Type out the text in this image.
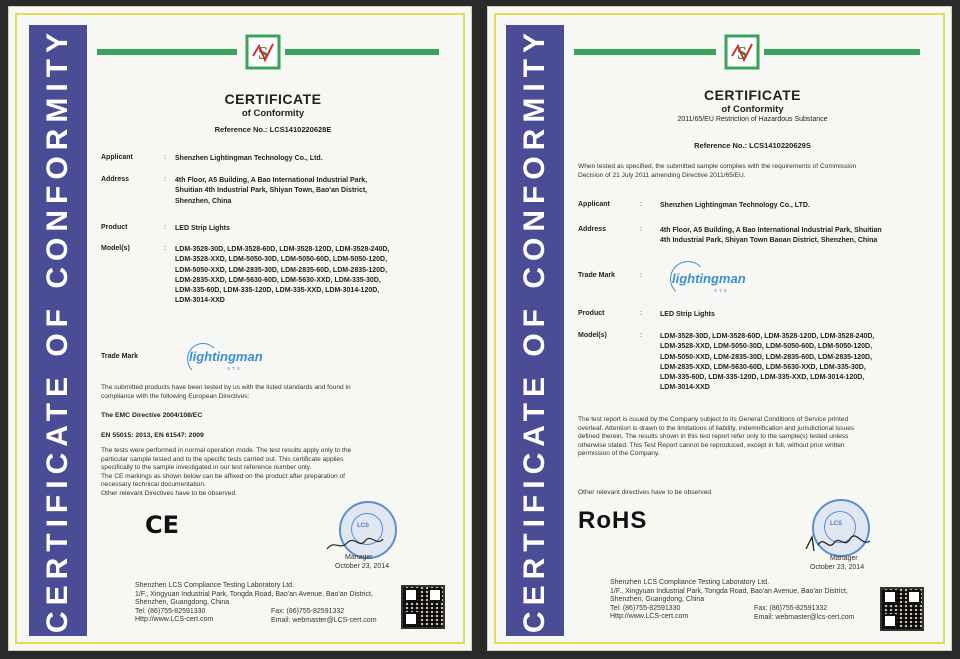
CERTIFICATE OF CONFORMITY	S
CERTIFICATE
of Conformity
Reference No.: LCS1410220628E
Applicant	: Shenzhen Lightingman Technology Co., Ltd.
Address	: 4th Floor, A5 Building, A Bao International Industrial Park,
Shuitian 4th Industrial Park, Shiyan Town, Bao'an District,
Shenzhen, China
Product	: LED Strip Lights
Model(s)	: LDM-3528-30D, LDM-3528-60D, LDM-3528-120D, LDM-3528-240D,
LDM-3528-XXD, LDM-5050-30D, LDM-5050-60D, LDM-5050-120D,
LDM-5050-XXD, LDM-2835-30D, LDM-2835-60D, LDM-2835-120D,
LDM-2835-XXD, LDM-5630-60D, LDM-5630-XXD, LDM-335-30D,
LDM-335-60D, LDM-335-120D, LDM-335-XXD, LDM-3014-120D,
LDM-3014-XXD
Trade Mark	lightingman
STS
The submitted products have been tested by us with the listed standards and found in
compliance with the following European Directives:
The EMC Directive 2004/108/EC
EN 55015: 2013, EN 61547: 2009
The tests were performed in normal operation mode. The test results apply only to the
particular sample tested and to the specific tests carried out. This certificate applies
specifically to the sample investigated in our test reference number only.
The CE markings as shown below can be affixed on the product after preparation of
necessary technical documentation.
Other relevant Directives have to be observed.
CE	LCS
Manager
October 23, 2014
Shenzhen LCS Compliance Testing Laboratory Ltd.
1/F., Xingyuan Industrial Park, Tongda Road, Bao'an Avenue, Bao'an District,
Shenzhen, Guangdong, China
Tel: (86)755-82591330
Http://www.LCS-cert.com
Fax: (86)755-82591332
Email: webmaster@LCS-cert.com	CERTIFICATE OF CONFORMITY	S
CERTIFICATE
of Conformity
2011/65/EU Restriction of Hazardous Substance
Reference No.: LCS1410220629S
When tested as specified, the submitted sample complies with the requirements of Commission
Decision of 21 July 2011 amending Directive 2011/65/EU.
Applicant	:	Shenzhen Lightingman Technology Co., LTD.
Address	:	4th Floor, A5 Building, A Bao International Industrial Park, Shuitian
4th Industrial Park, Shiyan Town Baoan District, Shenzhen, China
Trade Mark	: lightingman
STS
Product	:	LED Strip Lights
Model(s)	:	LDM-3528-30D, LDM-3528-60D, LDM-3528-120D, LDM-3528-240D,
LDM-3528-XXD, LDM-5050-30D, LDM-5050-60D, LDM-5050-120D,
LDM-5050-XXD, LDM-2835-30D, LDM-2835-60D, LDM-2835-120D,
LDM-2835-XXD, LDM-5630-60D, LDM-5630-XXD, LDM-335-30D,
LDM-335-60D, LDM-335-120D, LDM-335-XXD, LDM-3014-120D,
LDM-3014-XXD
The test report is issued by the Company subject to its General Conditions of Service printed
overleaf. Attention is drawn to the limitations of liability, indemnification and jurisdictional issues
defined therein. The results shown in this test report refer only to the sample(s) tested unless
otherwise stated. This Test Report cannot be reproduced, except in full, without prior written
permission of the Company.
Other relevant directives have to be observed.
RoHS	LCS
Manager
October 23, 2014
Shenzhen LCS Compliance Testing Laboratory Ltd.
1/F., Xingyuan Industrial Park, Tongda Road, Bao'an Avenue, Bao'an District,
Shenzhen, Guangdong, China
Tel: (86)755-82591330
Http://www.LCS-cert.com
Fax: (86)755-82591332
Email: webmaster@lcs-cert.com
